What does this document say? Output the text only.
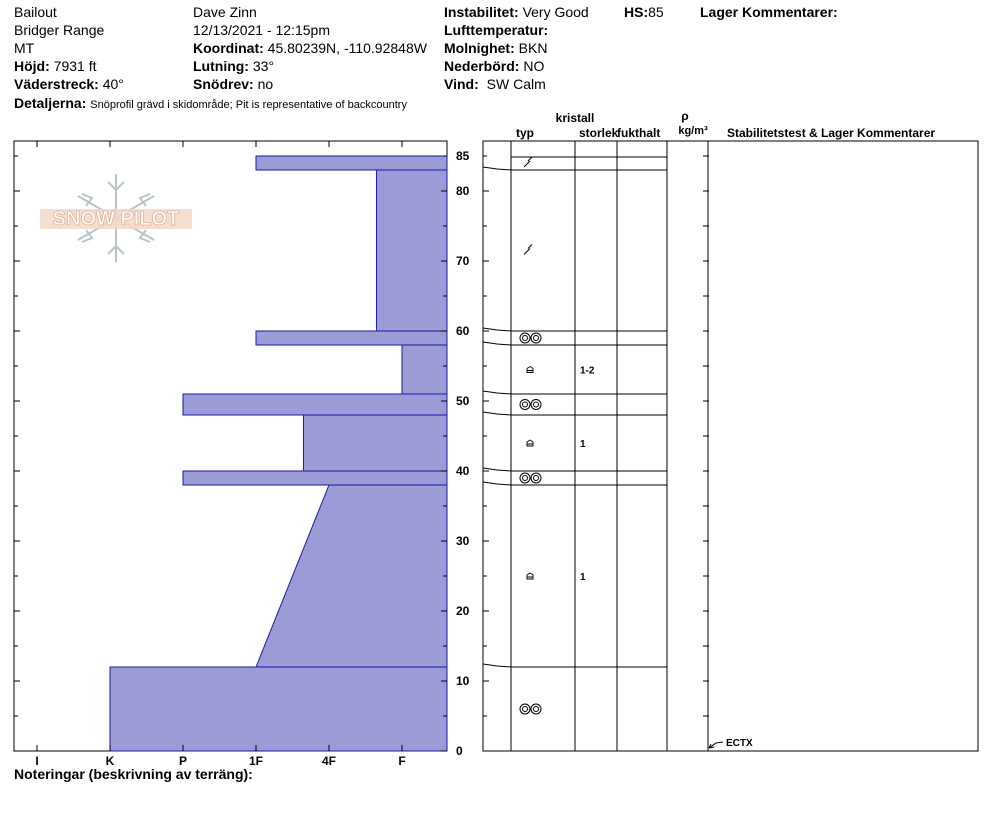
Bailout
Bridger Range
MT
Höjd: 7931 ft
Väderstreck: 40°
Detaljerna: Snöprofil grävd i skidområde; Pit is representative of backcountry
Dave Zinn
12/13/2021 - 12:15pm
Koordinat: 45.80239N, -110.92848W
Lutning: 33°
Snödrev: no
Instabilitet: Very Good	HS:85	Lager Kommentarer:
Lufttemperatur:
Molnighet: BKN
Nederbörd: NO
Vind: SW Calm
SNOW PILOT
I	K	P	1F	4F	F
0
10
20
30
40
50
60
70
80
85
1-2
1
1
kristall
typ	storlek
fukthalt
ρ
kg/m³ Stabilitetstest & Lager Kommentarer
ECTX
Noteringar (beskrivning av terräng):
